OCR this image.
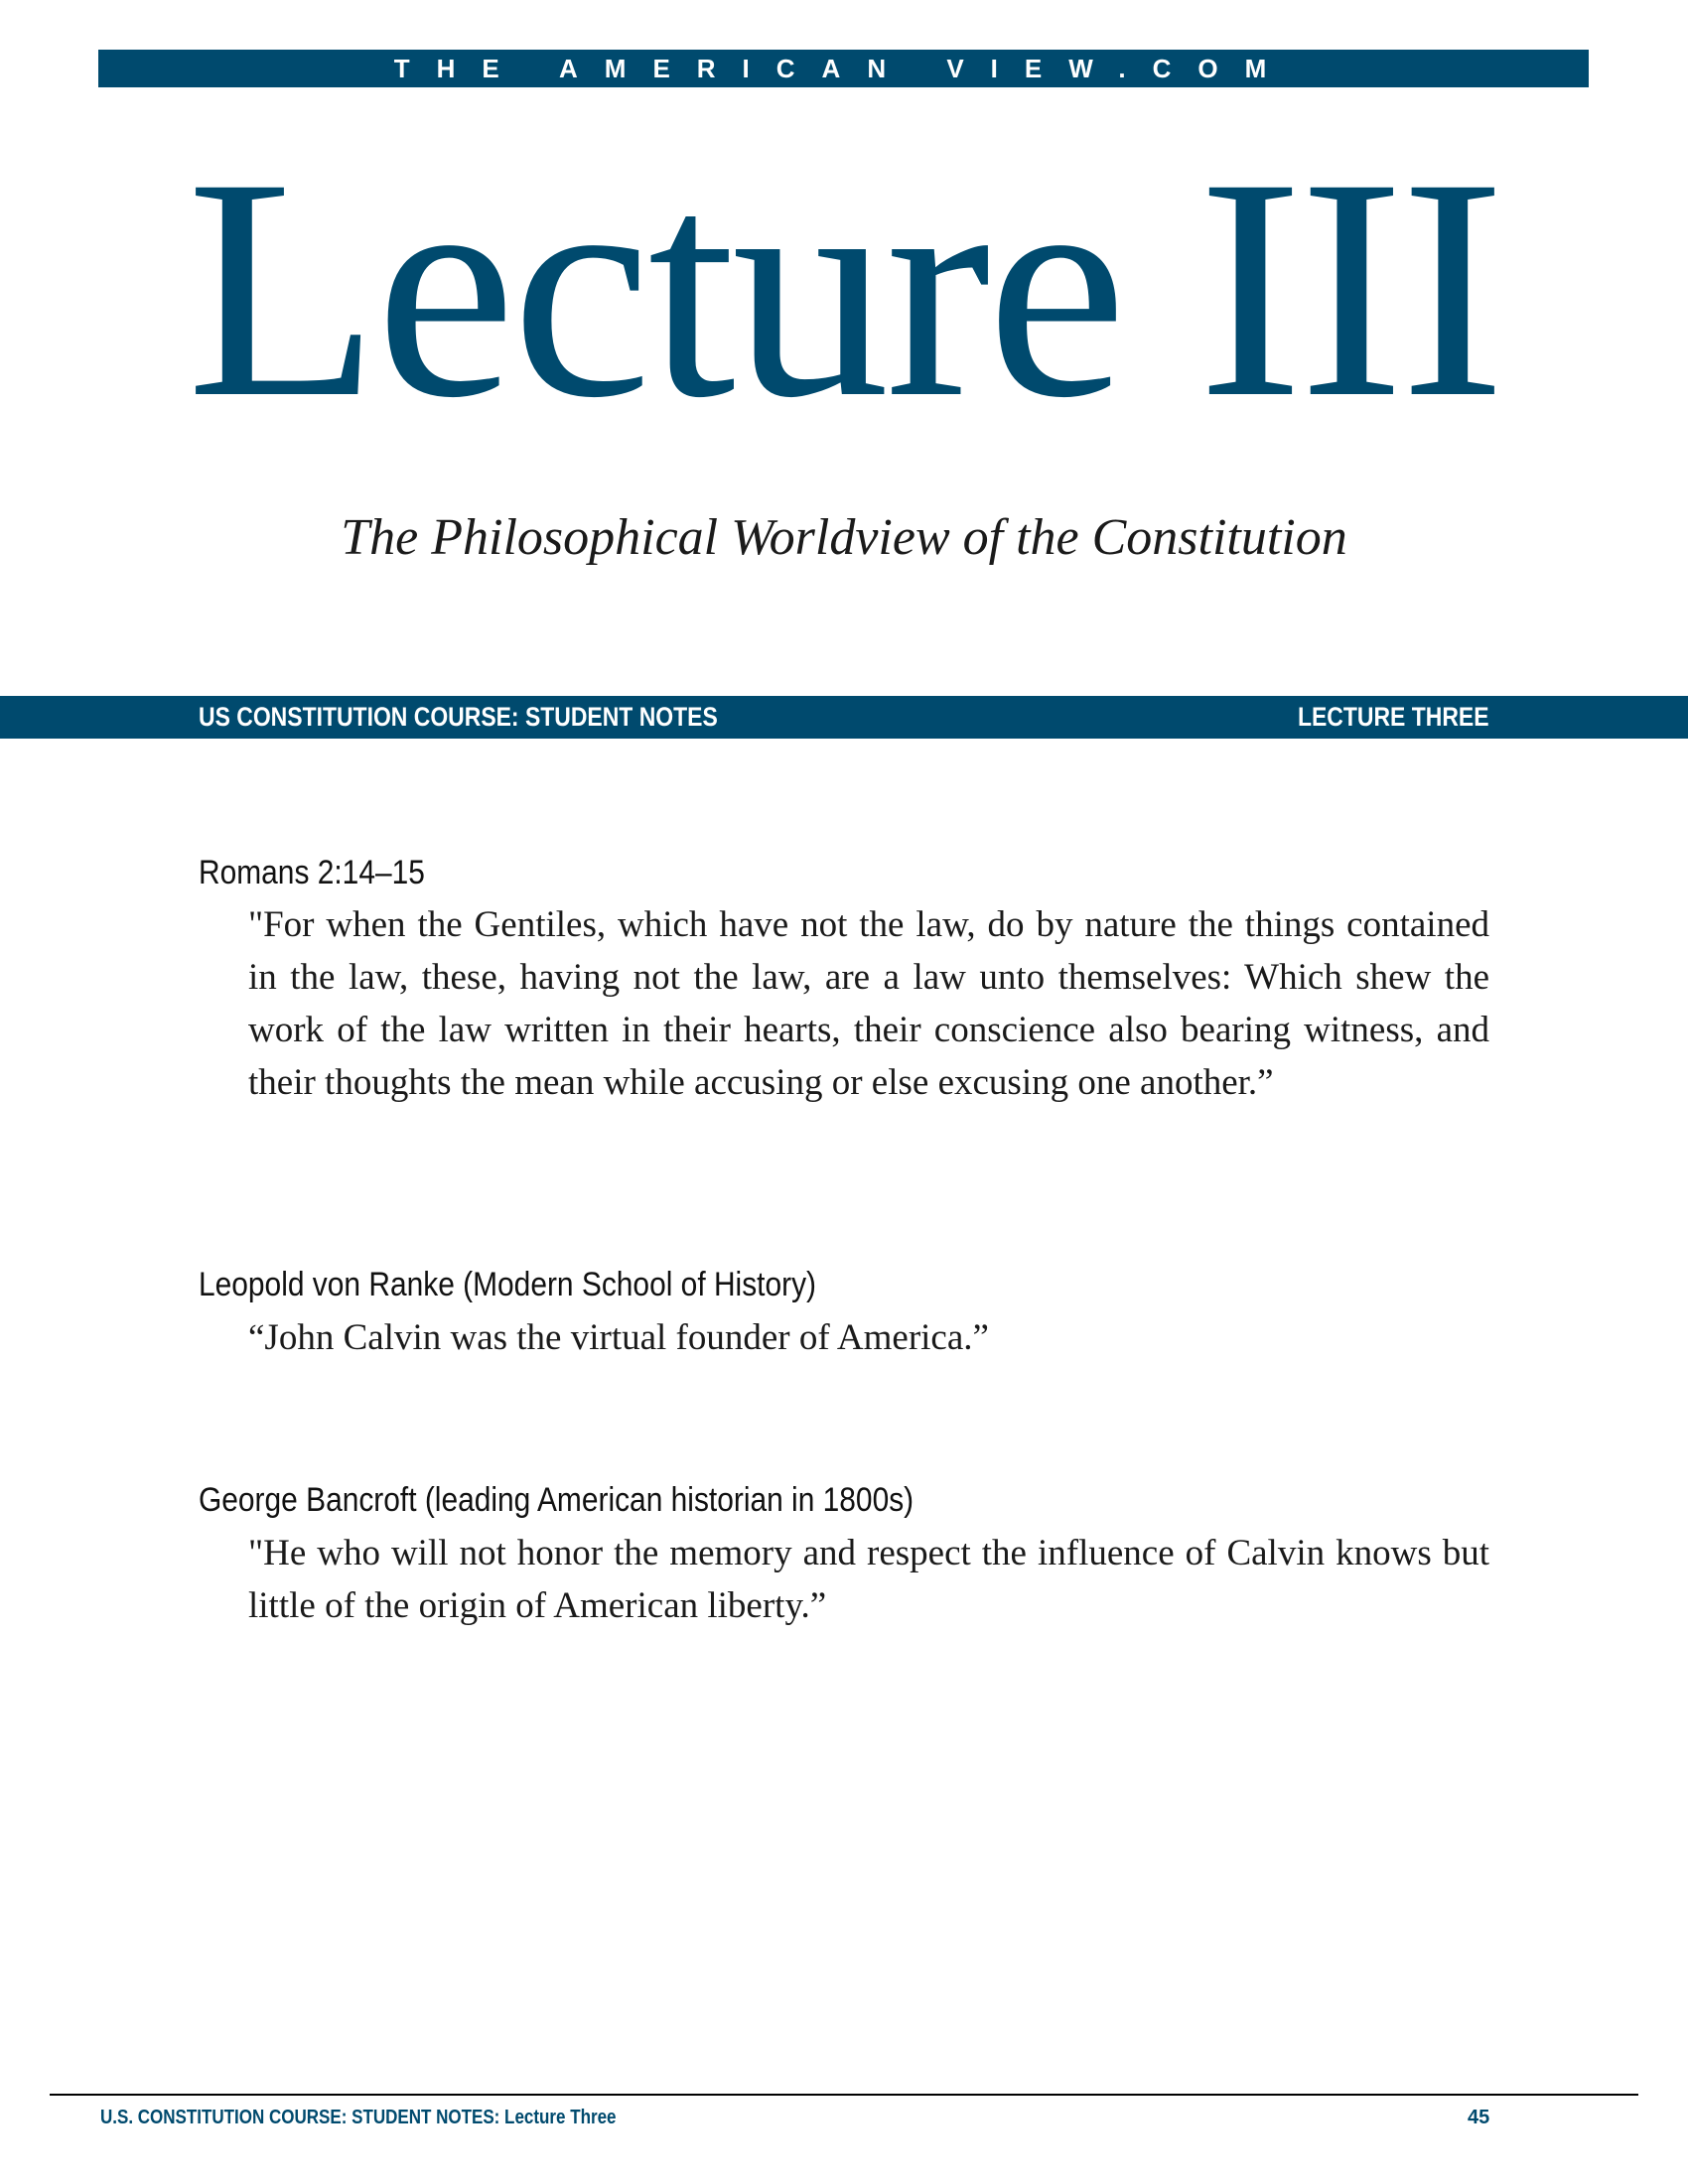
THE AMERICAN VIEW.COM
Lecture III
The Philosophical Worldview of the Constitution
US CONSTITUTION COURSE: STUDENT NOTES	LECTURE THREE
Romans 2:14–15
"For when the Gentiles, which have not the law, do by nature the things contained in the law, these, having not the law, are a law unto themselves: Which shew the work of the law written in their hearts, their conscience also bearing witness, and their thoughts the mean while accusing or else excusing one another.”
Leopold von Ranke (Modern School of History)
“John Calvin was the virtual founder of America.”
George Bancroft (leading American historian in 1800s)
"He who will not honor the memory and respect the influence of Calvin knows but little of the origin of American liberty.”
U.S. CONSTITUTION COURSE: STUDENT NOTES: Lecture Three	45
